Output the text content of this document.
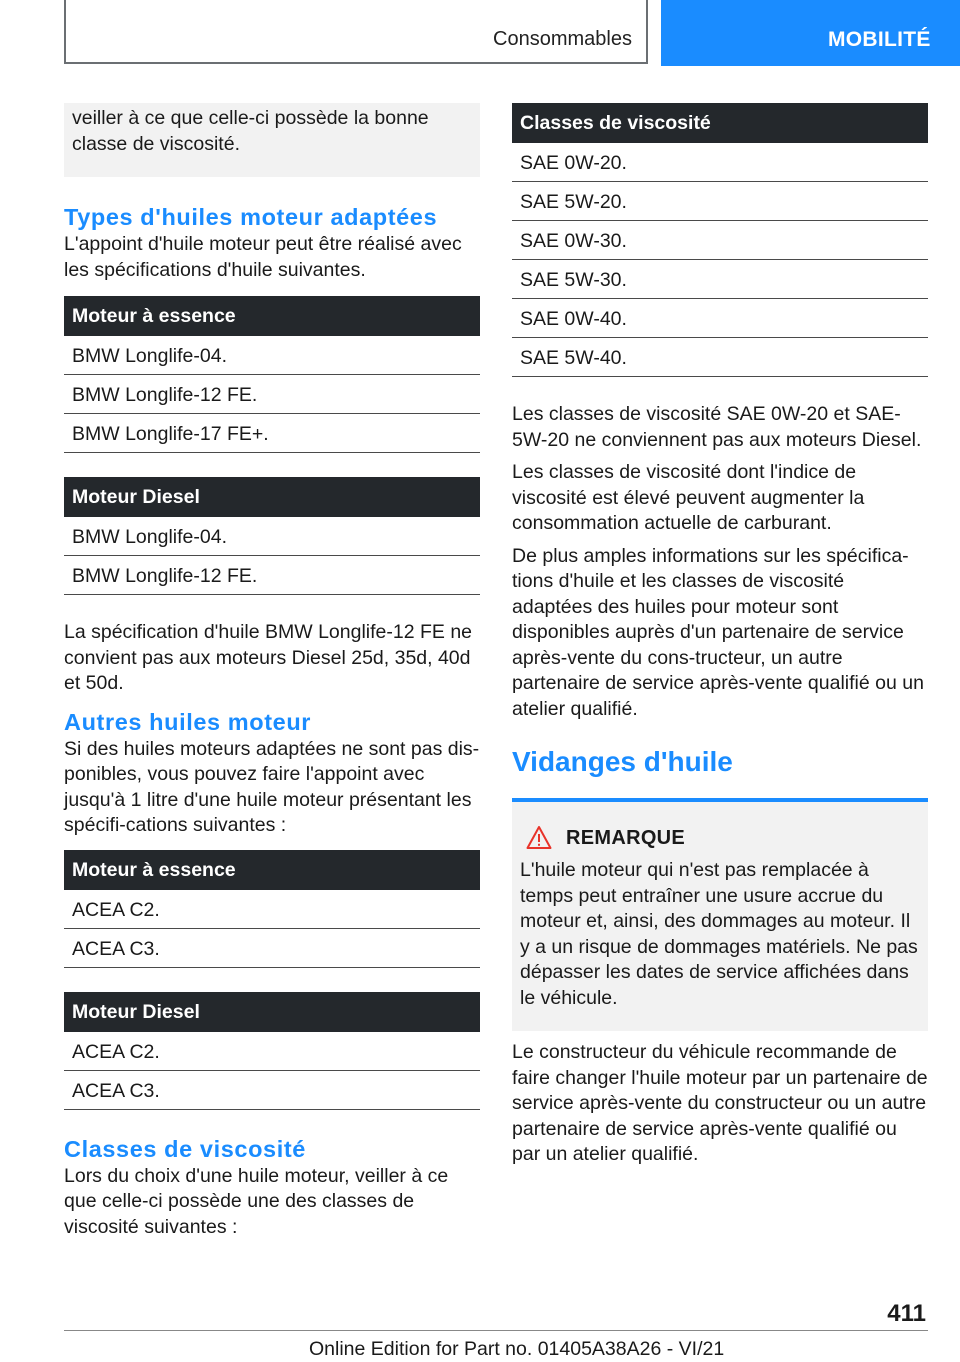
Consommables	MOBILITÉ
veiller à ce que celle-ci possède la bonne classe de viscosité.
Types d'huiles moteur adaptées

L'appoint d'huile moteur peut être réalisé avec les spécifications d'huile suivantes.

Moteur à essence
BMW Longlife-04.
BMW Longlife-12 FE.
BMW Longlife-17 FE+.
Moteur Diesel
BMW Longlife-04.
BMW Longlife-12 FE.

La spécification d'huile BMW Longlife-12 FE ne convient pas aux moteurs Diesel 25d, 35d, 40d et 50d.

Autres huiles moteur

Si des huiles moteurs adaptées ne sont pas dis-ponibles, vous pouvez faire l'appoint avec jusqu'à 1 litre d'une huile moteur présentant les spécifi-cations suivantes :

Moteur à essence
ACEA C2.
ACEA C3.
Moteur Diesel
ACEA C2.
ACEA C3.
Classes de viscosité

Lors du choix d'une huile moteur, veiller à ce que celle-ci possède une des classes de viscosité suivantes :

Classes de viscosité
SAE 0W-20.
SAE 5W-20.
SAE 0W-30.
SAE 5W-30.
SAE 0W-40.
SAE 5W-40.

Les classes de viscosité SAE 0W-20 et SAE-5W-20 ne conviennent pas aux moteurs Diesel.

Les classes de viscosité dont l'indice de viscosité est élevé peuvent augmenter la consommation actuelle de carburant.

De plus amples informations sur les spécifica-tions d'huile et les classes de viscosité adaptées des huiles pour moteur sont disponibles auprès d'un partenaire de service après-vente du cons-tructeur, un autre partenaire de service après-vente qualifié ou un atelier qualifié.

Vidanges d'huile
REMARQUE
L'huile moteur qui n'est pas remplacée à temps peut entraîner une usure accrue du moteur et, ainsi, des dommages au moteur. Il y a un risque de dommages matériels. Ne pas dépasser les dates de service affichées dans le véhicule.

Le constructeur du véhicule recommande de faire changer l'huile moteur par un partenaire de service après-vente du constructeur ou un autre partenaire de service après-vente qualifié ou par un atelier qualifié.

411
Online Edition for Part no. 01405A38A26 - VI/21
